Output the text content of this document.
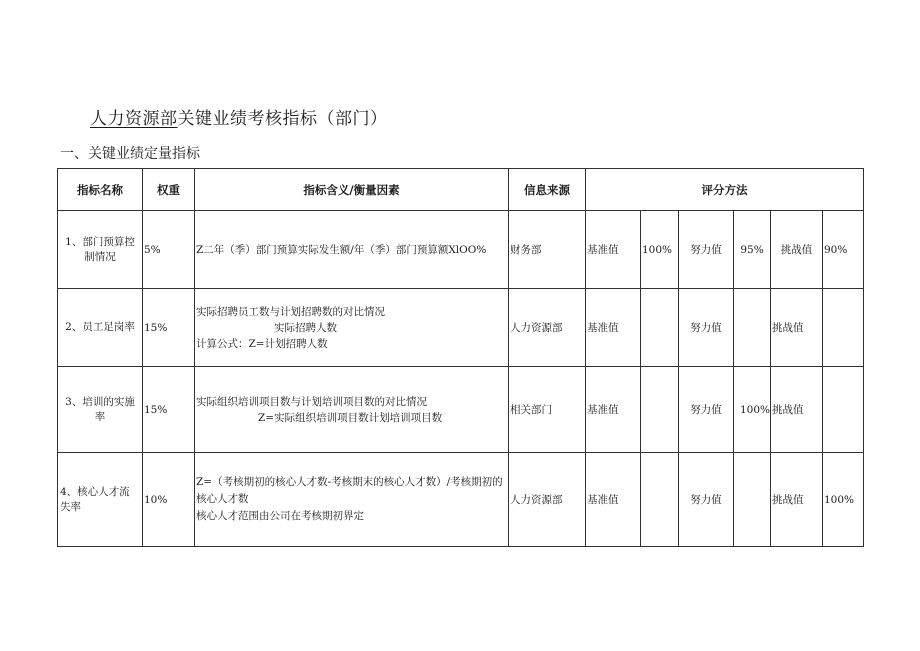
人力资源部关键业绩考核指标（部门）
一、关键业绩定量指标
指标名称	权重	指标含义/衡量因素	信息来源	评分方法					
1、部门预算控制情况	5%	Z二年（季）部门预算实际发生额/年（季）部门预算额XlOO%	财务部	基准值	100%	努力值	95%	挑战值	90%
2、员工足岗率	15%	实际招聘员工数与计划招聘数的对比情况
实际招聘人数
计算公式：Z=计划招聘人数	人力资源部	基准值		努力值		挑战值	
3、培训的实施率	15%	实际组织培训项目数与计划培训项目数的对比情况
Z=实际组织培训项目数计划培训项目数	相关部门	基准值		努力值	100%	挑战值	
4、核心人才流失率	10%	Z=（考核期初的核心人才数-考核期末的核心人才数）/考核期初的核心人才数
核心人才范围由公司在考核期初界定	人力资源部	基准值		努力值		挑战值	100%
